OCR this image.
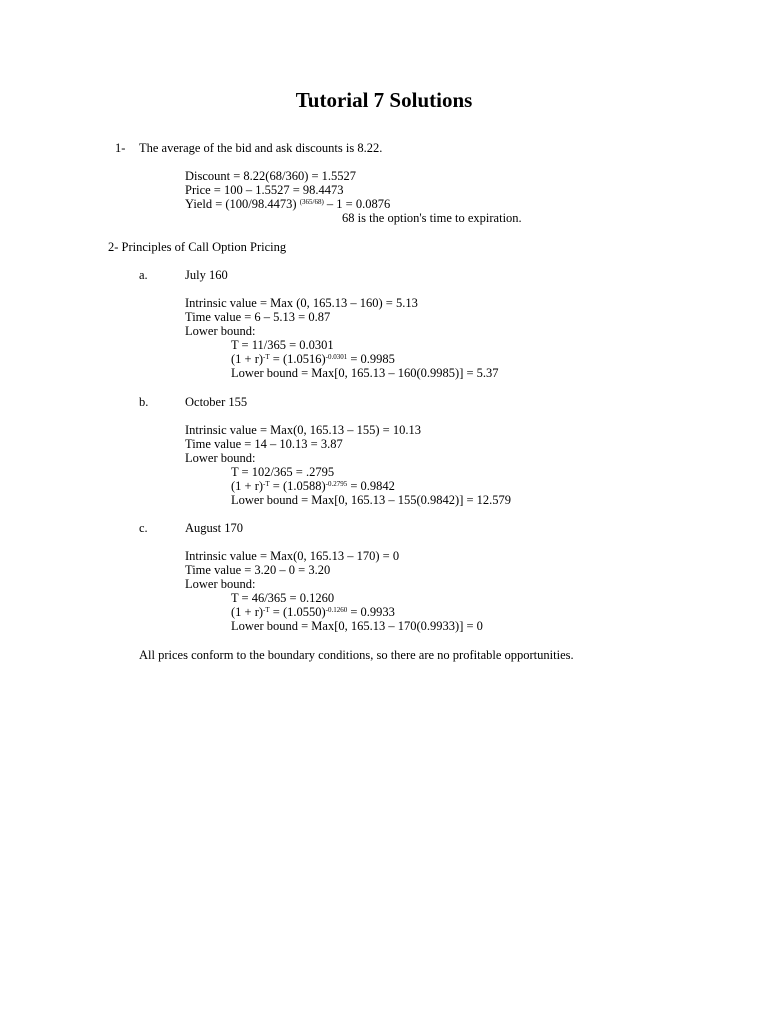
Tutorial 7 Solutions
1- The average of the bid and ask discounts is 8.22.
Discount = 8.22(68/360) = 1.5527
Price = 100 – 1.5527 = 98.4473
Yield = (100/98.4473) $^{(365/68)}$ – 1 = 0.0876
68 is the option's time to expiration.
2- Principles of Call Option Pricing
a.	July 160
Intrinsic value = Max (0, 165.13 – 160) = 5.13
Time value = 6 – 5.13 = 0.87
Lower bound:
T = 11/365 = 0.0301
$(1 + r)^{-T} = (1.0516)^{-0.0301} = 0.9985$
Lower bound = Max[0, 165.13 – 160(0.9985)] = 5.37
b.	October 155
Intrinsic value = Max(0, 165.13 – 155) = 10.13
Time value = 14 – 10.13 = 3.87
Lower bound:
T = 102/365 = .2795
$(1 + r)^{-T} = (1.0588)^{-0.2795} = 0.9842$
Lower bound = Max[0, 165.13 – 155(0.9842)] = 12.579
c.	August 170
Intrinsic value = Max(0, 165.13 – 170) = 0
Time value = 3.20 – 0 = 3.20
Lower bound:
T = 46/365 = 0.1260
$(1 + r)^{-T} = (1.0550)^{-0.1260} = 0.9933$
Lower bound = Max[0, 165.13 – 170(0.9933)] = 0
All prices conform to the boundary conditions, so there are no profitable opportunities.
